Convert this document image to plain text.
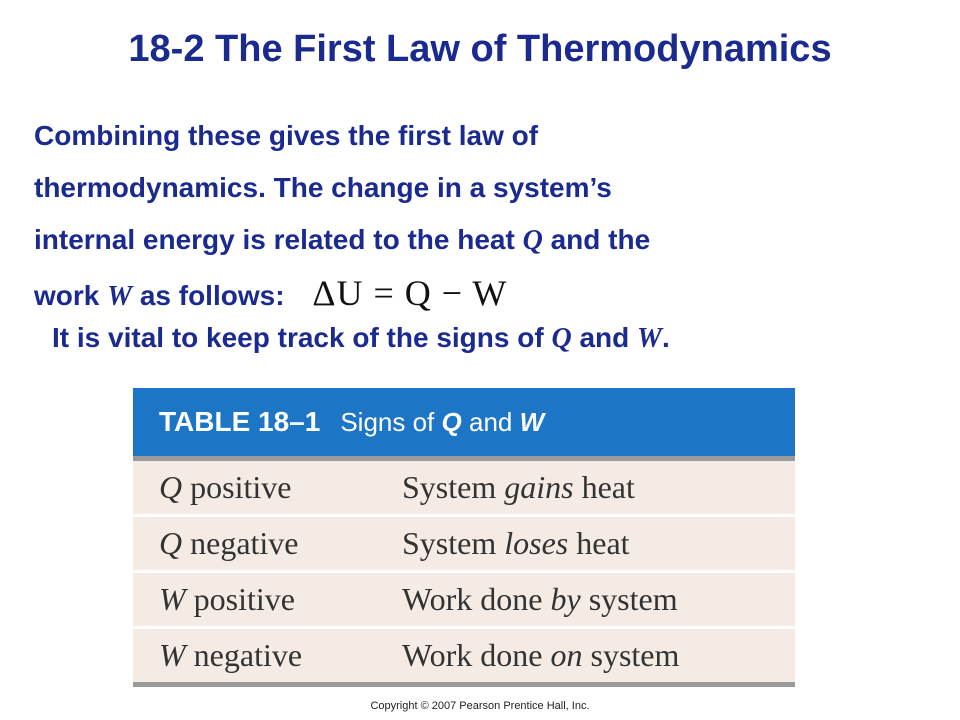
18-2 The First Law of Thermodynamics
Combining these gives the first law of
thermodynamics. The change in a system’s
internal energy is related to the heat Q and the
work W as follows: ΔU = Q − W
It is vital to keep track of the signs of Q and W.
TABLE 18–1 Signs of Q and W
Q positive	System gains heat
Q negative	System loses heat
W positive	Work done by system
W negative	Work done on system
Copyright © 2007 Pearson Prentice Hall, Inc.
